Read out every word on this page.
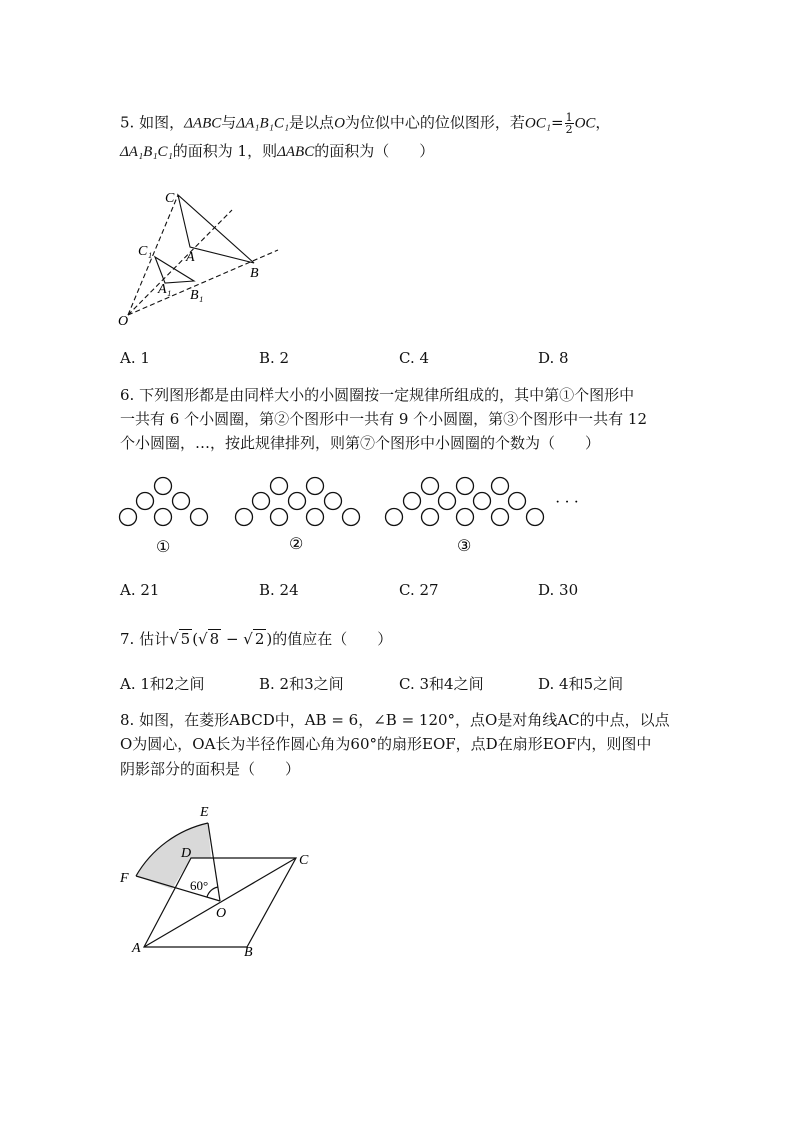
5. 如图，ΔABC与ΔA₁B₁C₁是以点O为位似中心的位似图形，若$OC_1= \frac{1}{2}$ OC，
ΔA₁B₁C₁的面积为 1，则ΔABC的面积为（　　）
C
A
B
C₁
A₁ B₁
O
A. 1	B. 2	C. 4	D. 8
6. 下列图形都是由同样大小的小圆圈按一定规律所组成的，其中第①个图形中
一共有 6 个小圆圈，第②个图形中一共有 9 个小圆圈，第③个图形中一共有 12
个小圆圈，…，按此规律排列，则第⑦个图形中小圆圈的个数为（　　）
· · ·
①	②	③
A. 21	B. 24	C. 27	D. 30
7. 估计√ 5 (√ 8 − √ 2 )的值应在（　　）
A. 1和2之间	B. 2和3之间	C. 3和4之间	D. 4和5之间
8. 如图，在菱形ABCD中，AB = 6，∠B = 120°，点O是对角线AC的中点，以点
O为圆心，OA长为半径作圆心角为60°的扇形EOF，点D在扇形EOF内，则图中
阴影部分的面积是（　　）
E
D	C
F	60°
O
A	B
